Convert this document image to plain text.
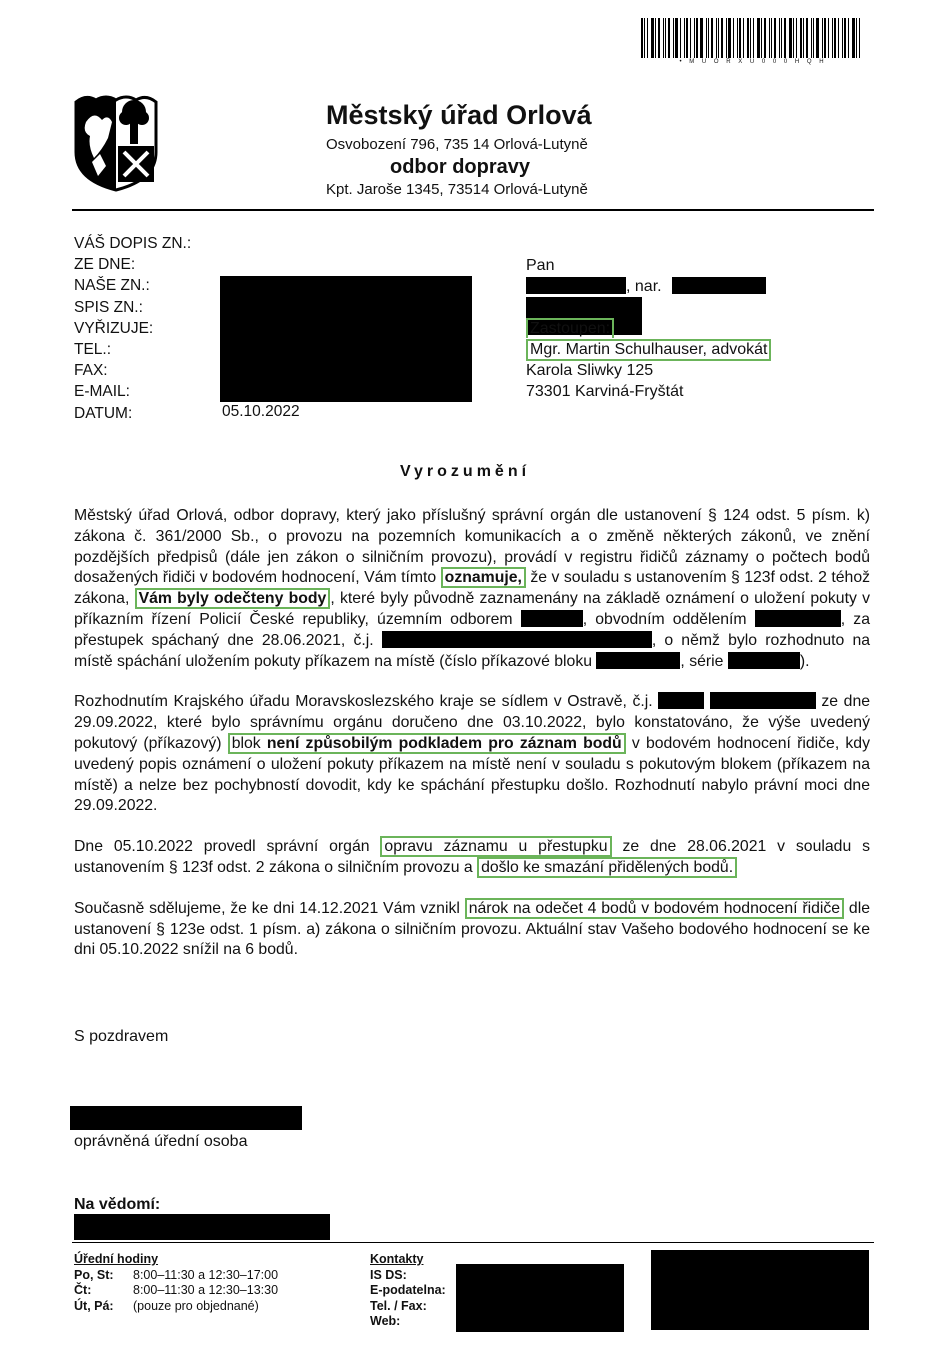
• M U O R X U 0 0 0 H Q H
Městský úřad Orlová
Osvobození 796, 735 14 Orlová-Lutyně
odbor dopravy
Kpt. Jaroše 1345, 73514 Orlová-Lutyně
VÁŠ DOPIS ZN.:
ZE DNE:
NAŠE ZN.:
SPIS ZN.:
VYŘIZUJE:
TEL.:
FAX:
E-MAIL:
DATUM:	05.10.2022
Pan
, nar.
Zastoupen:
Mgr. Martin Schulhauser, advokát
Karola Sliwky 125
73301 Karviná-Fryštát
Vyrozumění

Městský úřad Orlová, odbor dopravy, který jako příslušný správní orgán dle ustanovení § 124 odst. 5 písm. k) zákona č. 361/2000 Sb., o provozu na pozemních komunikacích a o změně některých zákonů, ve znění pozdějších předpisů (dále jen zákon o silničním provozu), provádí v registru řidičů záznamy o počtech bodů dosažených řidiči v bodovém hodnocení, Vám tímto oznamuje, že v souladu s ustanovením § 123f odst. 2 téhož zákona, Vám byly odečteny body , které byly původně zaznamenány na základě oznámení o uložení pokuty v příkazním řízení Policií České republiky, územním odborem	, obvodním oddělením	, za přestupek spáchaný dne 28.06.2021, č.j.	, o němž bylo rozhodnuto na místě spáchání uložením pokuty příkazem na místě (číslo příkazové bloku	, série	).

Rozhodnutím Krajského úřadu Moravskoslezského kraje se sídlem v Ostravě, č.j.	ze dne 29.09.2022, které bylo správnímu orgánu doručeno dne 03.10.2022, bylo konstatováno, že výše uvedený pokutový (příkazový) blok není způsobilým podkladem pro záznam bodů v bodovém hodnocení řidiče, kdy uvedený popis oznámení o uložení pokuty příkazem na místě není v souladu s pokutovým blokem (příkazem na místě) a nelze bez pochybností dovodit, kdy ke spáchání přestupku došlo. Rozhodnutí nabylo právní moci dne 29.09.2022.

Dne 05.10.2022 provedl správní orgán opravu záznamu u přestupku ze dne 28.06.2021 v souladu s ustanovením § 123f odst. 2 zákona o silničním provozu a došlo ke smazání přidělených bodů.

Současně sdělujeme, že ke dni 14.12.2021 Vám vznikl nárok na odečet 4 bodů v bodovém hodnocení řidiče dle ustanovení § 123e odst. 1 písm. a) zákona o silničním provozu. Aktuální stav Vašeho bodového hodnocení se ke dni 05.10.2022 snížil na 6 bodů.

S pozdravem
oprávněná úřední osoba
Na vědomí:
Úřední hodiny
Po, St:	8:00–11:30 a 12:30–17:00
Čt:	8:00–11:30 a 12:30–13:30
Út, Pá:	(pouze pro objednané)
Kontakty
IS DS:
E-podatelna:
Tel. / Fax:
Web:
